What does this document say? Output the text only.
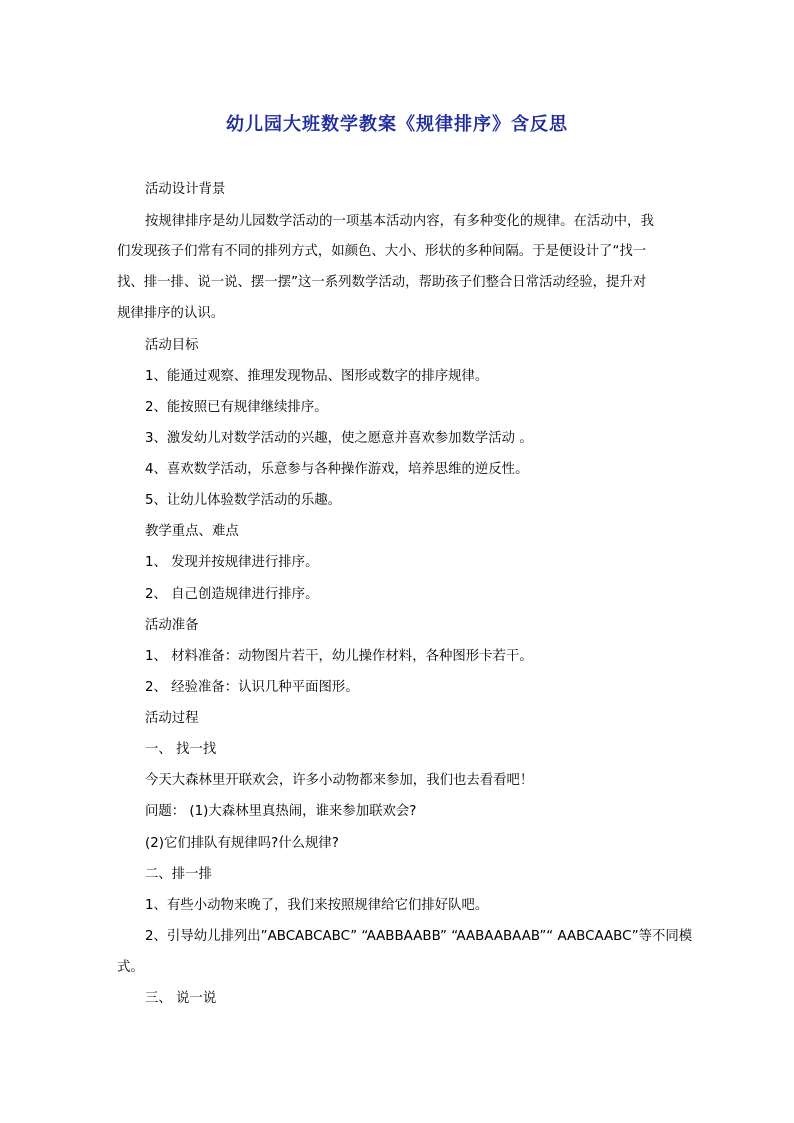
幼儿园大班数学教案《规律排序》含反思
活动设计背景
按规律排序是幼儿园数学活动的一项基本活动内容，有多种变化的规律。在活动中，我
们发现孩子们常有不同的排列方式，如颜色、大小、形状的多种间隔。于是便设计了“找一
找、排一排、说一说、摆一摆”这一系列数学活动，帮助孩子们整合日常活动经验，提升对
规律排序的认识。
活动目标
1、能通过观察、推理发现物品、图形或数字的排序规律。
2、能按照已有规律继续排序。
3、激发幼儿对数学活动的兴趣，使之愿意并喜欢参加数学活动 。
4、喜欢数学活动，乐意参与各种操作游戏，培养思维的逆反性。
5、让幼儿体验数学活动的乐趣。
教学重点、难点
1、 发现并按规律进行排序。
2、 自己创造规律进行排序。
活动准备
1、 材料准备：动物图片若干，幼儿操作材料，各种图形卡若干。
2、 经验准备：认识几种平面图形。
活动过程
一、 找一找
今天大森林里开联欢会，许多小动物都来参加，我们也去看看吧！
问题： (1)大森林里真热闹，谁来参加联欢会?
(2)它们排队有规律吗?什么规律?
二、排一排
1、有些小动物来晚了，我们来按照规律给它们排好队吧。
2、引导幼儿排列出”ABCABCABC” “AABBAABB” “AABAABAAB”“ AABCAABC”等不同模
式。
三、 说一说
